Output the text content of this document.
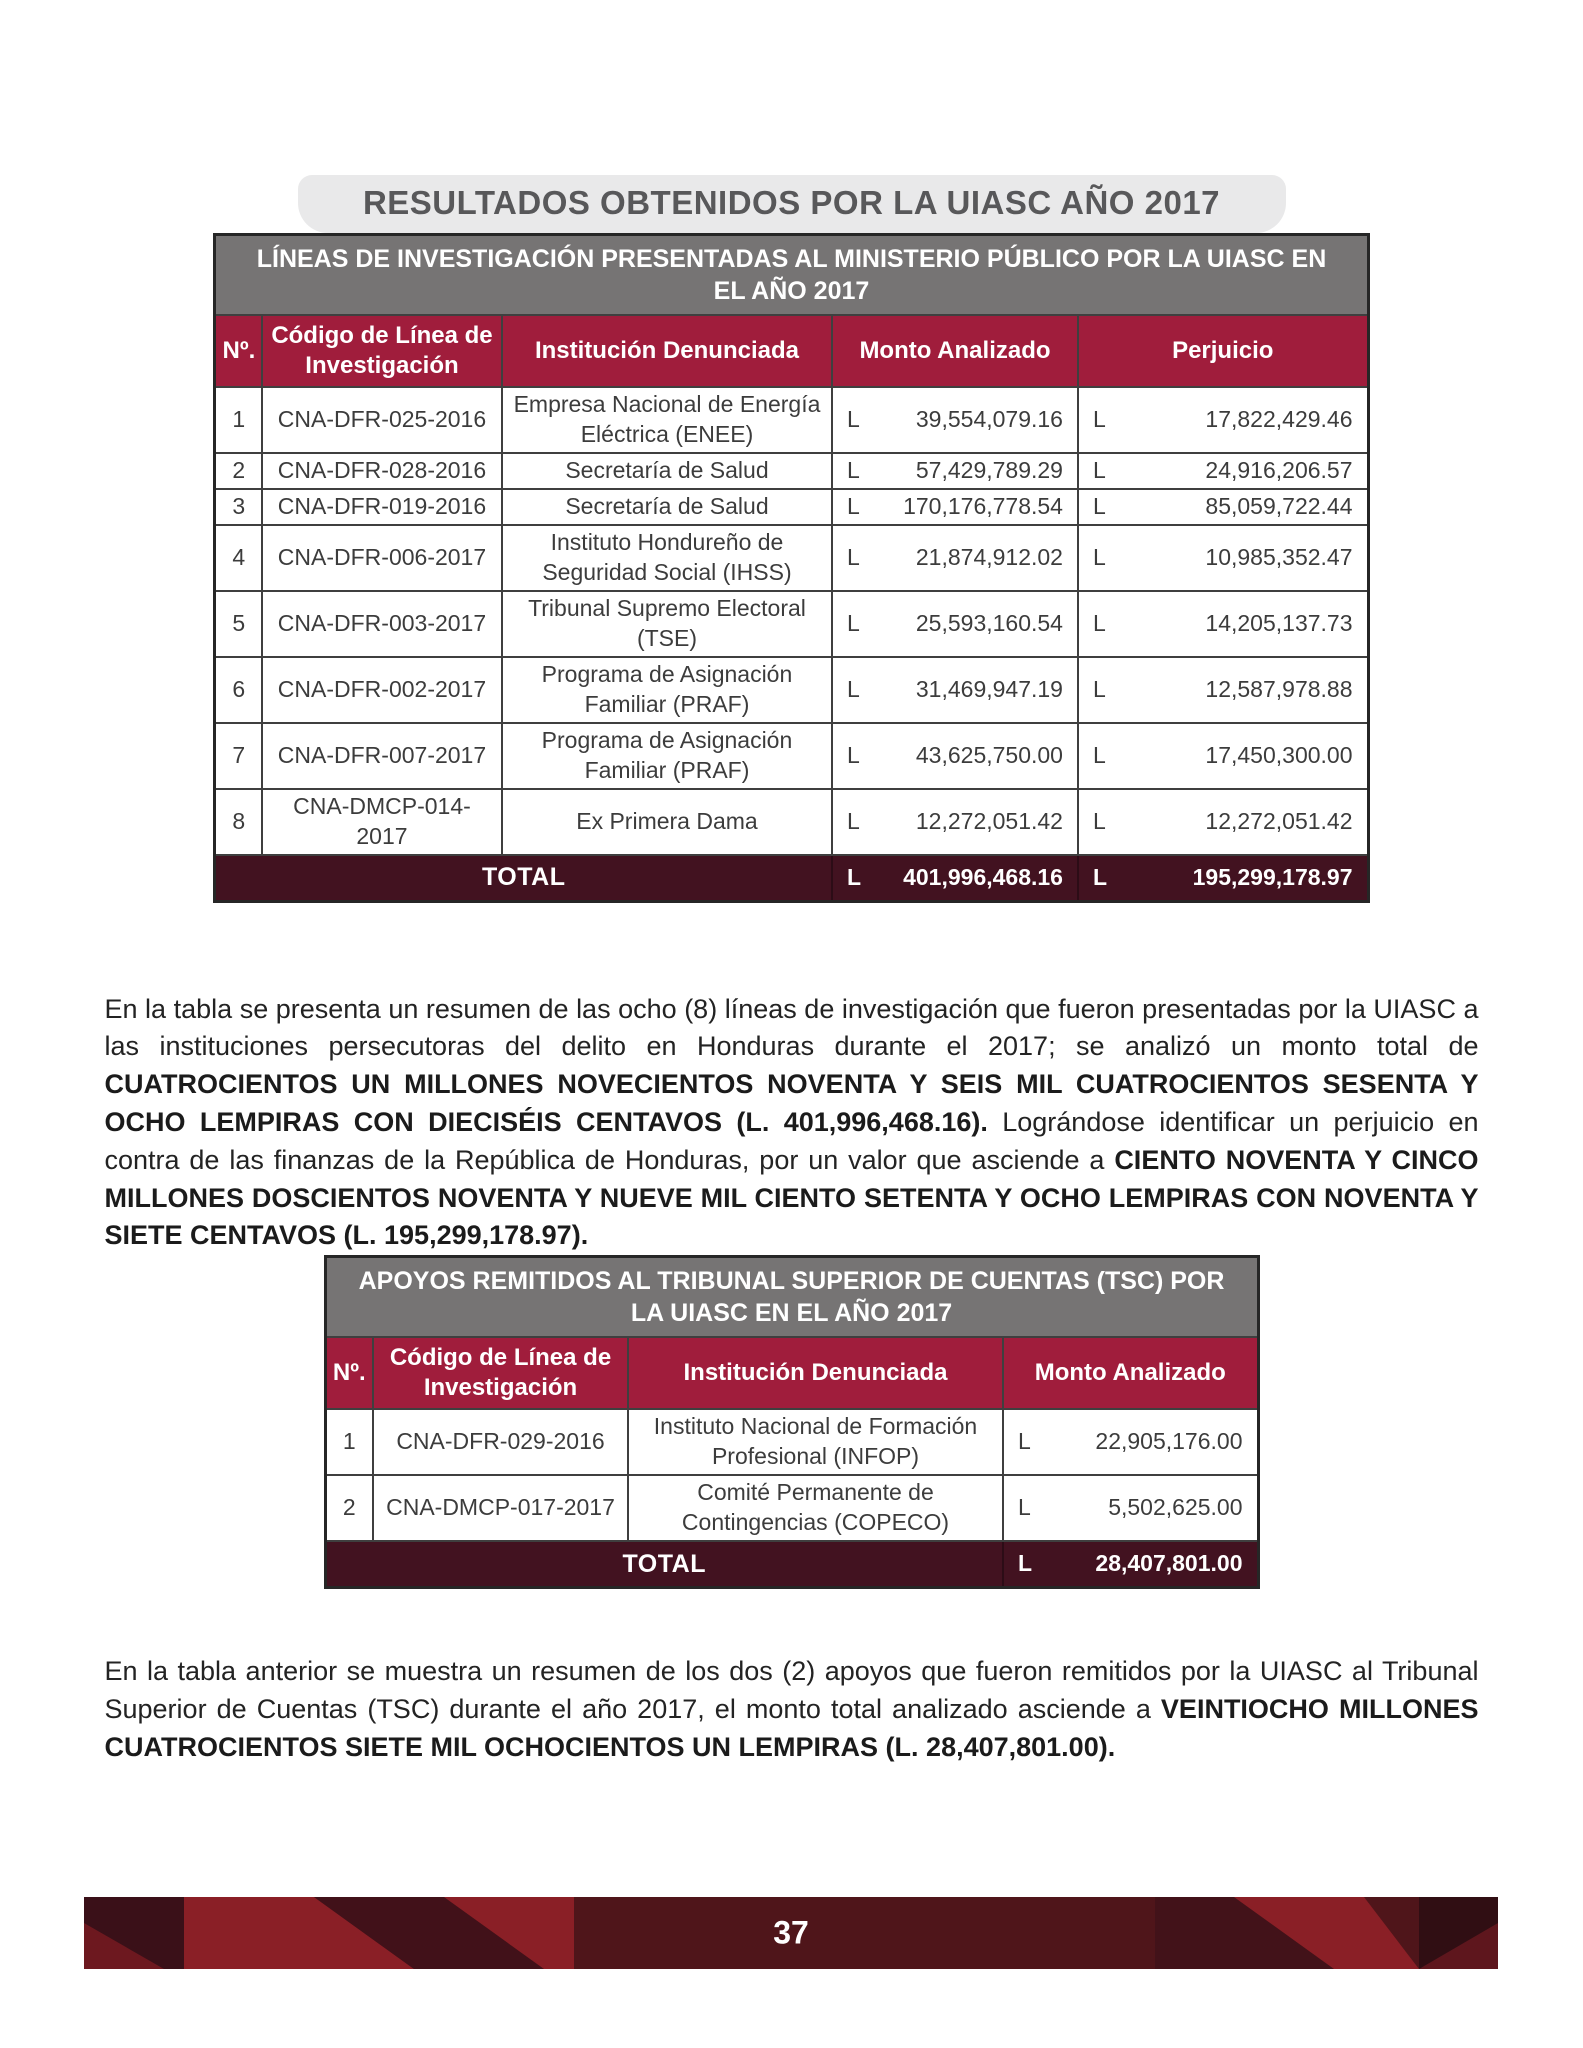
RESULTADOS OBTENIDOS POR LA UIASC AÑO 2017
LÍNEAS DE INVESTIGACIÓN PRESENTADAS AL MINISTERIO PÚBLICO POR LA UIASC EN EL AÑO 2017				
Nº.	Código de Línea de Investigación	Institución Denunciada	Monto Analizado	Perjuicio
1	CNA-DFR-025-2016	Empresa Nacional de Energía Eléctrica (ENEE)	L 39,554,079.16	L 17,822,429.46

2	CNA-DFR-028-2016	Secretaría de Salud	L 57,429,789.29	L 24,916,206.57

3	CNA-DFR-019-2016	Secretaría de Salud	L 170,176,778.54	L 85,059,722.44

4	CNA-DFR-006-2017	Instituto Hondureño de Seguridad Social (IHSS)	L 21,874,912.02	L 10,985,352.47

5	CNA-DFR-003-2017	Tribunal Supremo Electoral (TSE)	L 25,593,160.54	L 14,205,137.73

6	CNA-DFR-002-2017	Programa de Asignación Familiar (PRAF)	L 31,469,947.19	L 12,587,978.88

7	CNA-DFR-007-2017	Programa de Asignación Familiar (PRAF)	L 43,625,750.00	L 17,450,300.00

8	CNA-DMCP-014-2017	Ex Primera Dama	L 12,272,051.42	L 12,272,051.42

TOTAL			L 401,996,468.16	L 195,299,178.97

En la tabla se presenta un resumen de las ocho (8) líneas de investigación que fueron presentadas por la UIASC a las instituciones persecutoras del delito en Honduras durante el 2017; se analizó un monto total de CUATROCIENTOS UN MILLONES NOVECIENTOS NOVENTA Y SEIS MIL CUATROCIENTOS SESENTA Y OCHO LEMPIRAS CON DIECISÉIS CENTAVOS (L. 401,996,468.16). Lográndose identificar un perjuicio en contra de las finanzas de la República de Honduras, por un valor que asciende a CIENTO NOVENTA Y CINCO MILLONES DOSCIENTOS NOVENTA Y NUEVE MIL CIENTO SETENTA Y OCHO LEMPIRAS CON NOVENTA Y SIETE CENTAVOS (L. 195,299,178.97).

APOYOS REMITIDOS AL TRIBUNAL SUPERIOR DE CUENTAS (TSC) POR LA UIASC EN EL AÑO 2017			
Nº.	Código de Línea de Investigación	Institución Denunciada	Monto Analizado
1	CNA-DFR-029-2016	Instituto Nacional de Formación Profesional (INFOP)	L 22,905,176.00

2	CNA-DMCP-017-2017	Comité Permanente de Contingencias (COPECO)	L 5,502,625.00

TOTAL			L 28,407,801.00

En la tabla anterior se muestra un resumen de los dos (2) apoyos que fueron remitidos por la UIASC al Tribunal Superior de Cuentas (TSC) durante el año 2017, el monto total analizado asciende a VEINTIOCHO MILLONES CUATROCIENTOS SIETE MIL OCHOCIENTOS UN LEMPIRAS (L. 28,407,801.00).

37
